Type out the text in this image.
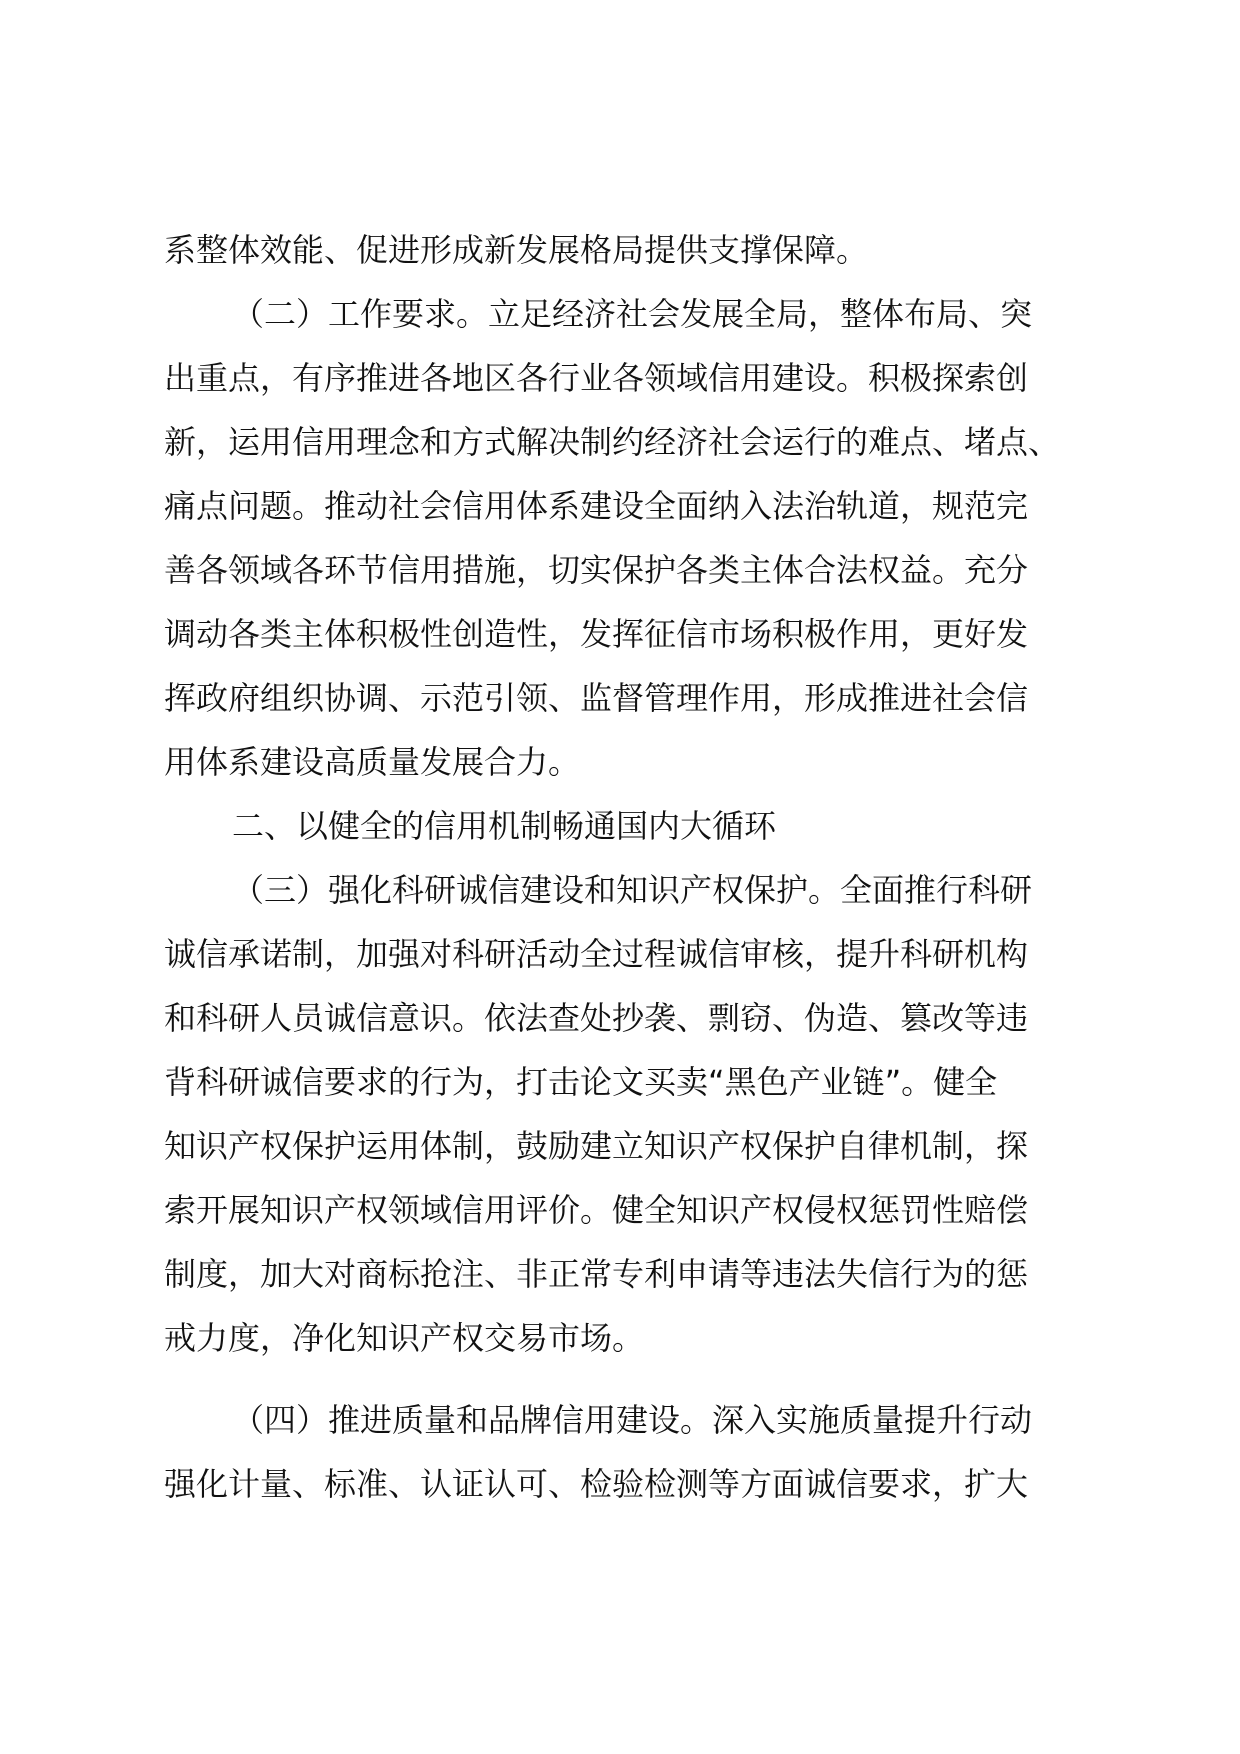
系整体效能、促进形成新发展格局提供支撑保障。
（二）工作要求。立足经济社会发展全局，整体布局、突
出重点，有序推进各地区各行业各领域信用建设。积极探索创
新，运用信用理念和方式解决制约经济社会运行的难点、堵点、
痛点问题。推动社会信用体系建设全面纳入法治轨道，规范完
善各领域各环节信用措施，切实保护各类主体合法权益。充分
调动各类主体积极性创造性，发挥征信市场积极作用，更好发
挥政府组织协调、示范引领、监督管理作用，形成推进社会信
用体系建设高质量发展合力。
二、以健全的信用机制畅通国内大循环
（三）强化科研诚信建设和知识产权保护。全面推行科研
诚信承诺制，加强对科研活动全过程诚信审核，提升科研机构
和科研人员诚信意识。依法查处抄袭、剽窃、伪造、篡改等违
背科研诚信要求的行为，打击论文买卖“黑色产业链”。健全
知识产权保护运用体制，鼓励建立知识产权保护自律机制，探
索开展知识产权领域信用评价。健全知识产权侵权惩罚性赔偿
制度，加大对商标抢注、非正常专利申请等违法失信行为的惩
戒力度，净化知识产权交易市场。
（四）推进质量和品牌信用建设。深入实施质量提升行动
强化计量、标准、认证认可、检验检测等方面诚信要求，扩大
